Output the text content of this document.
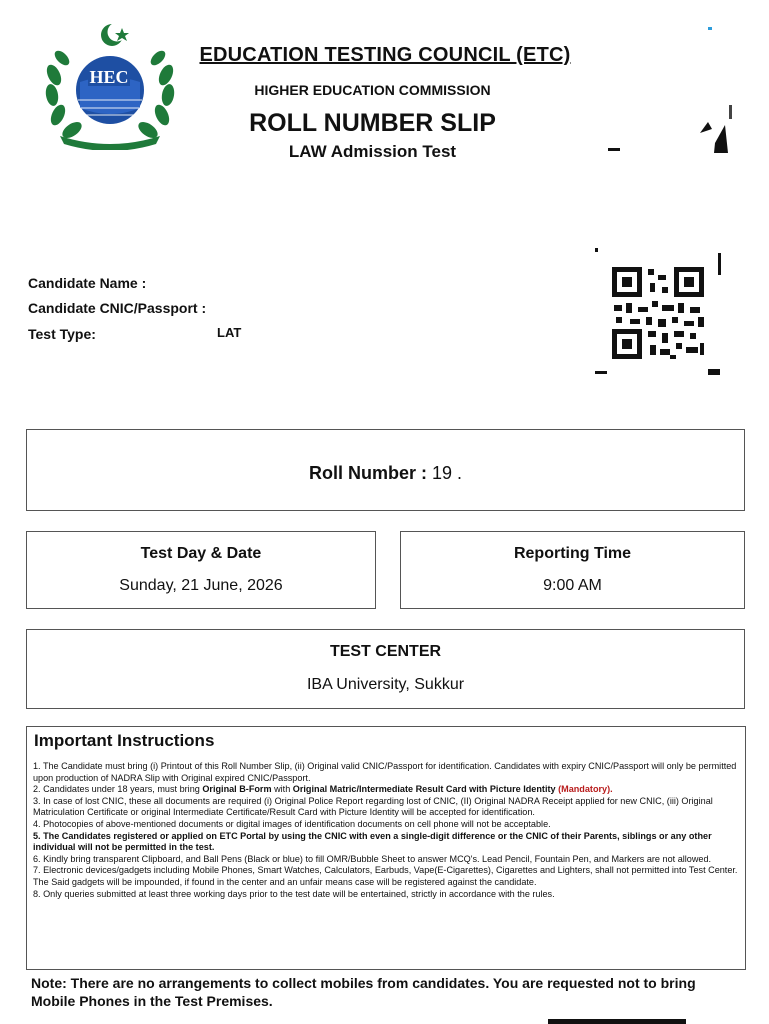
HEC
EDUCATION TESTING COUNCIL (ETC)
HIGHER EDUCATION COMMISSION
ROLL NUMBER SLIP
LAW Admission Test
Candidate Name :
Candidate CNIC/Passport :
Test Type:	LAT
Roll Number : 19 .
Test Day & Date
Sunday, 21 June, 2026
Reporting Time
9:00 AM
TEST CENTER
IBA University, Sukkur
Important Instructions

1. The Candidate must bring (i) Printout of this Roll Number Slip, (ii) Original valid CNIC/Passport for identification. Candidates with expiry CNIC/Passport will only be permitted upon production of NADRA Slip with Original expired CNIC/Passport.

2. Candidates under 18 years, must bring Original B-Form with Original Matric/Intermediate Result Card with Picture Identity (Mandatory).

3. In case of lost CNIC, these all documents are required (i) Original Police Report regarding lost of CNIC, (II) Original NADRA Receipt applied for new CNIC, (iii) Original Matriculation Certificate or original Intermediate Certificate/Result Card with Picture Identity will be accepted for identification.

4. Photocopies of above-mentioned documents or digital images of identification documents on cell phone will not be acceptable.

5. The Candidates registered or applied on ETC Portal by using the CNIC with even a single-digit difference or the CNIC of their Parents, siblings or any other individual will not be permitted in the test.

6. Kindly bring transparent Clipboard, and Ball Pens (Black or blue) to fill OMR/Bubble Sheet to answer MCQ's. Lead Pencil, Fountain Pen, and Markers are not allowed.

7. Electronic devices/gadgets including Mobile Phones, Smart Watches, Calculators, Earbuds, Vape(E-Cigarettes), Cigarettes and Lighters, shall not permitted into Test Center. The Said gadgets will be impounded, if found in the center and an unfair means case will be registered against the candidate.

8. Only queries submitted at least three working days prior to the test date will be entertained, strictly in accordance with the rules.

Note: There are no arrangements to collect mobiles from candidates. You are requested not to bring Mobile Phones in the Test Premises.
